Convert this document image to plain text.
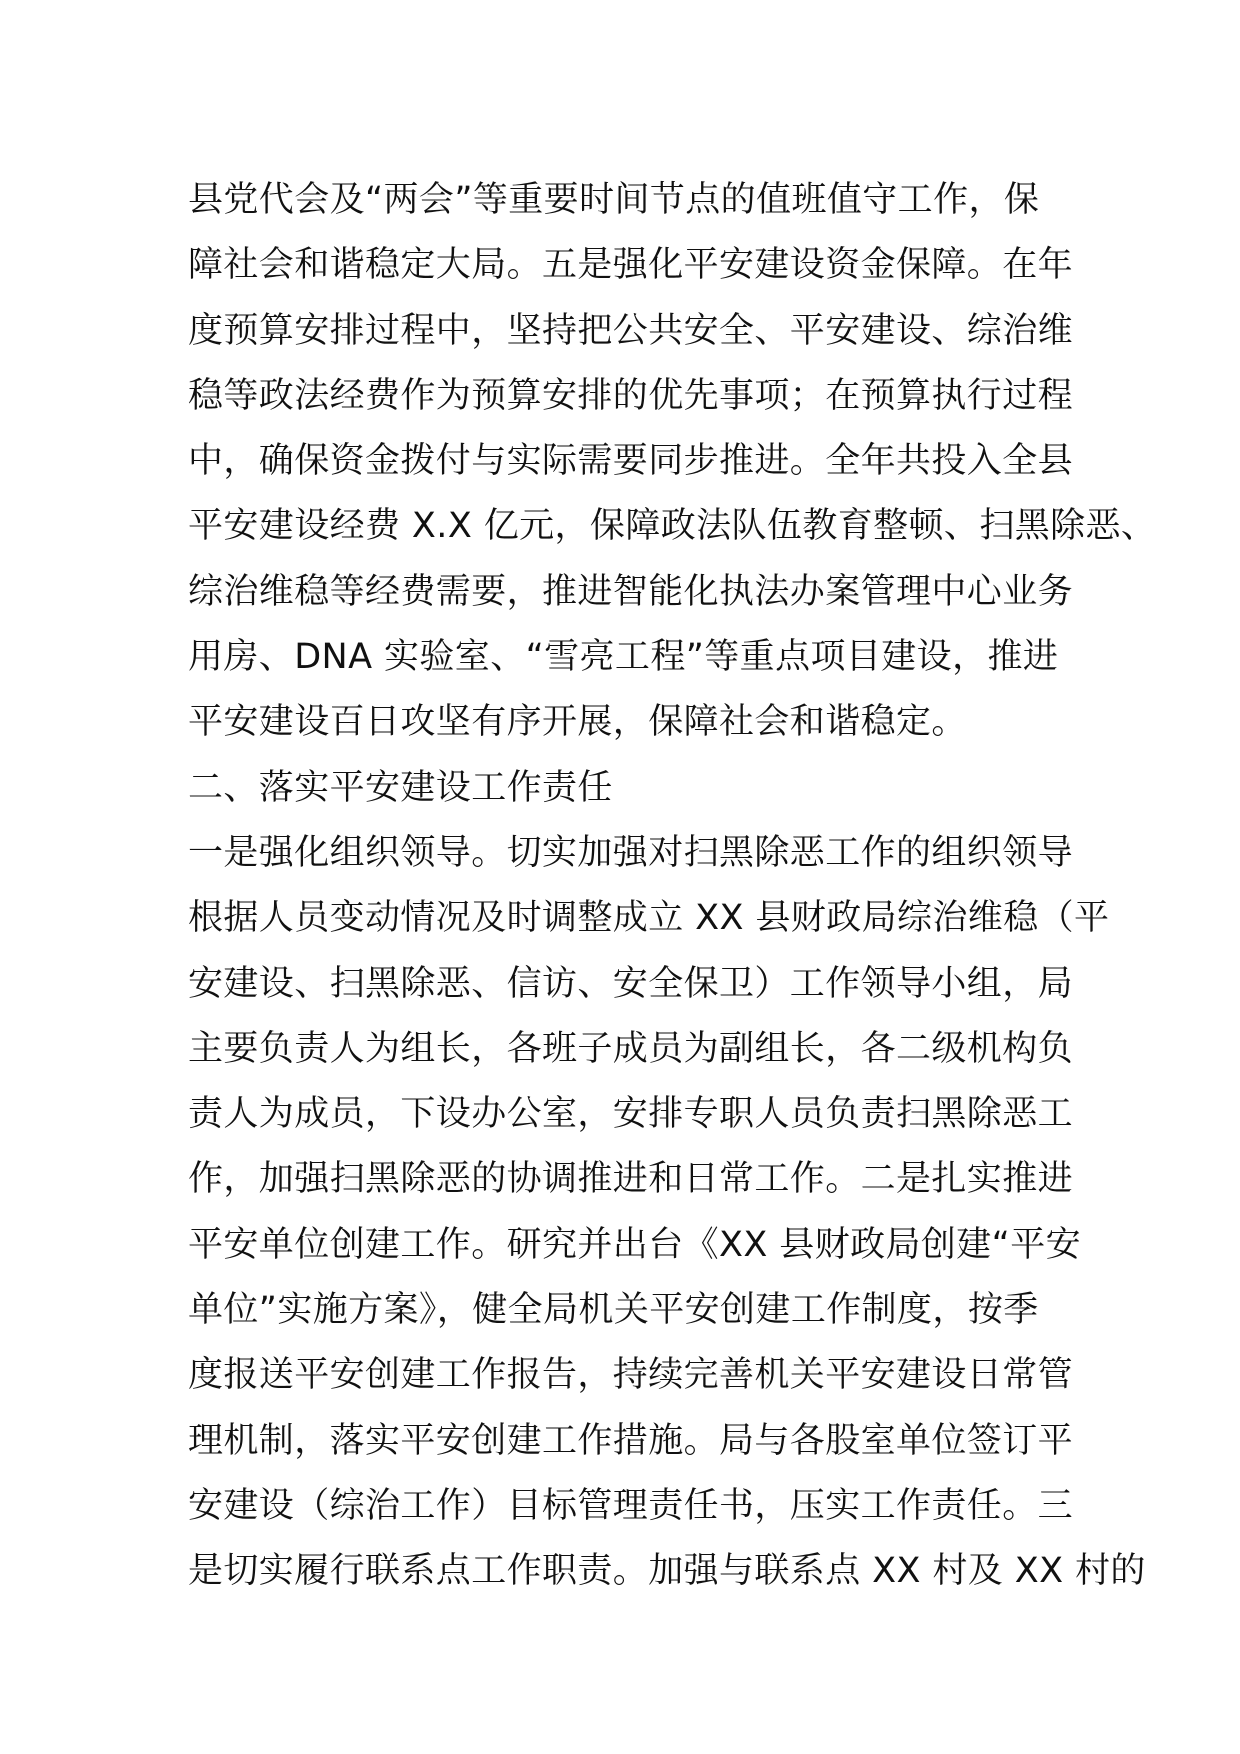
县党代会及“两会”等重要时间节点的值班值守工作，保
障社会和谐稳定大局。五是强化平安建设资金保障。在年
度预算安排过程中，坚持把公共安全、平安建设、综治维
稳等政法经费作为预算安排的优先事项；在预算执行过程
中，确保资金拨付与实际需要同步推进。全年共投入全县
平安建设经费 X.X 亿元，保障政法队伍教育整顿、扫黑除恶、
综治维稳等经费需要，推进智能化执法办案管理中心业务
用房、DNA 实验室、“雪亮工程”等重点项目建设，推进
平安建设百日攻坚有序开展，保障社会和谐稳定。
二、落实平安建设工作责任
一是强化组织领导。切实加强对扫黑除恶工作的组织领导
根据人员变动情况及时调整成立 XX 县财政局综治维稳（平
安建设、扫黑除恶、信访、安全保卫）工作领导小组，局
主要负责人为组长，各班子成员为副组长，各二级机构负
责人为成员，下设办公室，安排专职人员负责扫黑除恶工
作，加强扫黑除恶的协调推进和日常工作。二是扎实推进
平安单位创建工作。研究并出台《XX 县财政局创建“平安
单位”实施方案》，健全局机关平安创建工作制度，按季
度报送平安创建工作报告，持续完善机关平安建设日常管
理机制，落实平安创建工作措施。局与各股室单位签订平
安建设（综治工作）目标管理责任书，压实工作责任。三
是切实履行联系点工作职责。加强与联系点 XX 村及 XX 村的
